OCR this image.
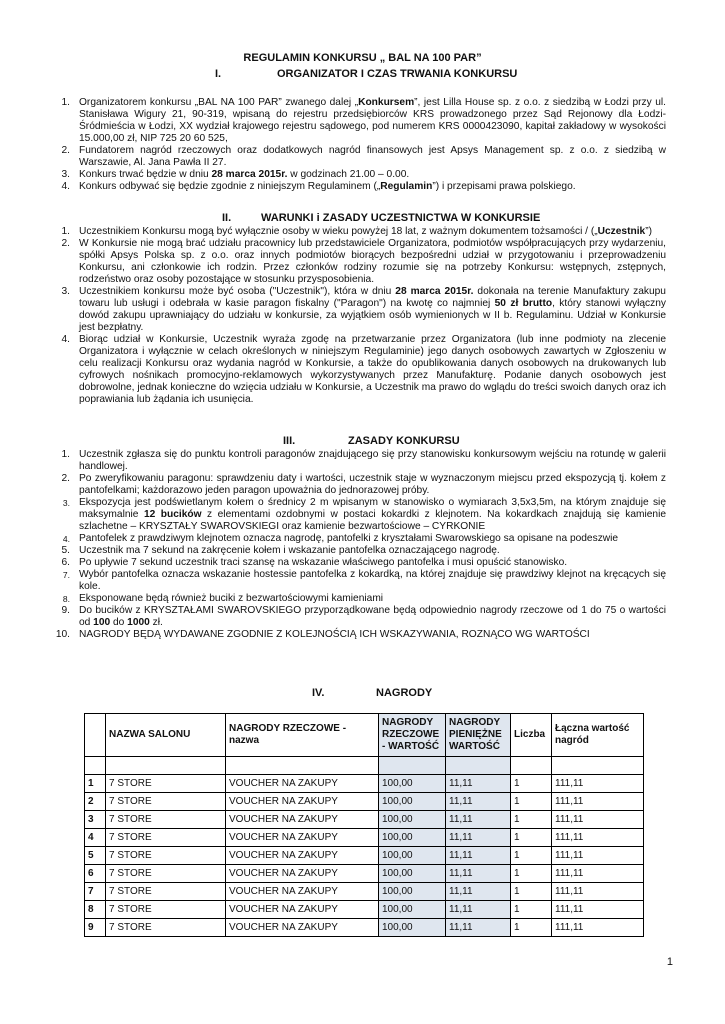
REGULAMIN KONKURSU „ BAL NA 100 PAR”
I.	ORGANIZATOR I CZAS TRWANIA KONKURSU
1. Organizatorem konkursu „BAL NA 100 PAR” zwanego dalej „Konkursem”, jest Lilla House sp. z o.o. z siedzibą w Łodzi przy ul. Stanisława Wigury 21, 90-319, wpisaną do rejestru przedsiębiorców KRS prowadzonego przez Sąd Rejonowy dla Łodzi-Śródmieścia w Łodzi, XX wydział krajowego rejestru sądowego, pod numerem KRS 0000423090, kapitał zakładowy w wysokości 15.000,00 zł, NIP 725 20 60 525,
2. Fundatorem nagród rzeczowych oraz dodatkowych nagród finansowych jest Apsys Management sp. z o.o. z siedzibą w Warszawie, Al. Jana Pawła II 27.
3. Konkurs trwać będzie w dniu 28 marca 2015r. w godzinach 21.00 – 0.00.
4. Konkurs odbywać się będzie zgodnie z niniejszym Regulaminem („Regulamin”) i przepisami prawa polskiego.
II.	WARUNKI i ZASADY UCZESTNICTWA W KONKURSIE
1. Uczestnikiem Konkursu mogą być wyłącznie osoby w wieku powyżej 18 lat, z ważnym dokumentem tożsamości / („Uczestnik”)
2. W Konkursie nie mogą brać udziału pracownicy lub przedstawiciele Organizatora, podmiotów współpracujących przy wydarzeniu, spółki Apsys Polska sp. z o.o. oraz innych podmiotów biorących bezpośredni udział w przygotowaniu i przeprowadzeniu Konkursu, ani członkowie ich rodzin. Przez członków rodziny rozumie się na potrzeby Konkursu: wstępnych, zstępnych, rodzeństwo oraz osoby pozostające w stosunku przysposobienia.
3. Uczestnikiem konkursu może być osoba ("Uczestnik"), która w dniu 28 marca 2015r. dokonała na terenie Manufaktury zakupu towaru lub usługi i odebrała w kasie paragon fiskalny ("Paragon") na kwotę co najmniej 50 zł brutto, który stanowi wyłączny dowód zakupu uprawniający do udziału w konkursie, za wyjątkiem osób wymienionych w II b. Regulaminu. Udział w Konkursie jest bezpłatny.
4. Biorąc udział w Konkursie, Uczestnik wyraża zgodę na przetwarzanie przez Organizatora (lub inne podmioty na zlecenie Organizatora i wyłącznie w celach określonych w niniejszym Regulaminie) jego danych osobowych zawartych w Zgłoszeniu w celu realizacji Konkursu oraz wydania nagród w Konkursie, a także do opublikowania danych osobowych na drukowanych lub cyfrowych nośnikach promocyjno-reklamowych wykorzystywanych przez Manufakturę. Podanie danych osobowych jest dobrowolne, jednak konieczne do wzięcia udziału w Konkursie, a Uczestnik ma prawo do wglądu do treści swoich danych oraz ich poprawiania lub żądania ich usunięcia.
III.	ZASADY KONKURSU
1. Uczestnik zgłasza się do punktu kontroli paragonów znajdującego się przy stanowisku konkursowym wejściu na rotundę w galerii handlowej.
2. Po zweryfikowaniu paragonu: sprawdzeniu daty i wartości, uczestnik staje w wyznaczonym miejscu przed ekspozycją tj. kołem z pantofelkami; każdorazowo jeden paragon upoważnia do jednorazowej próby.
3. Ekspozycja jest podświetlanym kołem o średnicy 2 m wpisanym w stanowisko o wymiarach 3,5x3,5m, na którym znajduje się maksymalnie 12 bucików z elementami ozdobnymi w postaci kokardki z klejnotem. Na kokardkach znajdują się kamienie szlachetne – KRYSZTAŁY SWAROVSKIEGI oraz kamienie bezwartościowe – CYRKONIE
4. Pantofelek z prawdziwym klejnotem oznacza nagrodę, pantofelki z kryształami Swarowskiego sa opisane na podeszwie
5. Uczestnik ma 7 sekund na zakręcenie kołem i wskazanie pantofelka oznaczającego nagrodę.
6. Po upływie 7 sekund uczestnik traci szansę na wskazanie właściwego pantofelka i musi opuścić stanowisko.
7. Wybór pantofelka oznacza wskazanie hostessie pantofelka z kokardką, na której znajduje się prawdziwy klejnot na kręcących się kole.
8. Eksponowane będą również buciki z bezwartościowymi kamieniami
9. Do bucików z KRYSZTAŁAMI SWAROVSKIEGO przyporządkowane będą odpowiednio nagrody rzeczowe od 1 do 75 o wartości od 100 do 1000 zł.
10. NAGRODY BĘDĄ WYDAWANE ZGODNIE Z KOLEJNOŚCIĄ ICH WSKAZYWANIA, ROZNĄCO WG WARTOŚCI
IV.	NAGRODY
	NAZWA SALONU	NAGRODY RZECZOWE - nazwa	NAGRODY RZECZOWE - WARTOŚĆ	NAGRODY PIENIĘŻNE WARTOŚĆ	Liczba	Łączna wartość nagród

1	7 STORE	VOUCHER NA ZAKUPY	100,00	11,11	1	111,11
2	7 STORE	VOUCHER NA ZAKUPY	100,00	11,11	1	111,11
3	7 STORE	VOUCHER NA ZAKUPY	100,00	11,11	1	111,11
4	7 STORE	VOUCHER NA ZAKUPY	100,00	11,11	1	111,11
5	7 STORE	VOUCHER NA ZAKUPY	100,00	11,11	1	111,11
6	7 STORE	VOUCHER NA ZAKUPY	100,00	11,11	1	111,11
7	7 STORE	VOUCHER NA ZAKUPY	100,00	11,11	1	111,11
8	7 STORE	VOUCHER NA ZAKUPY	100,00	11,11	1	111,11
9	7 STORE	VOUCHER NA ZAKUPY	100,00	11,11	1	111,11
1
